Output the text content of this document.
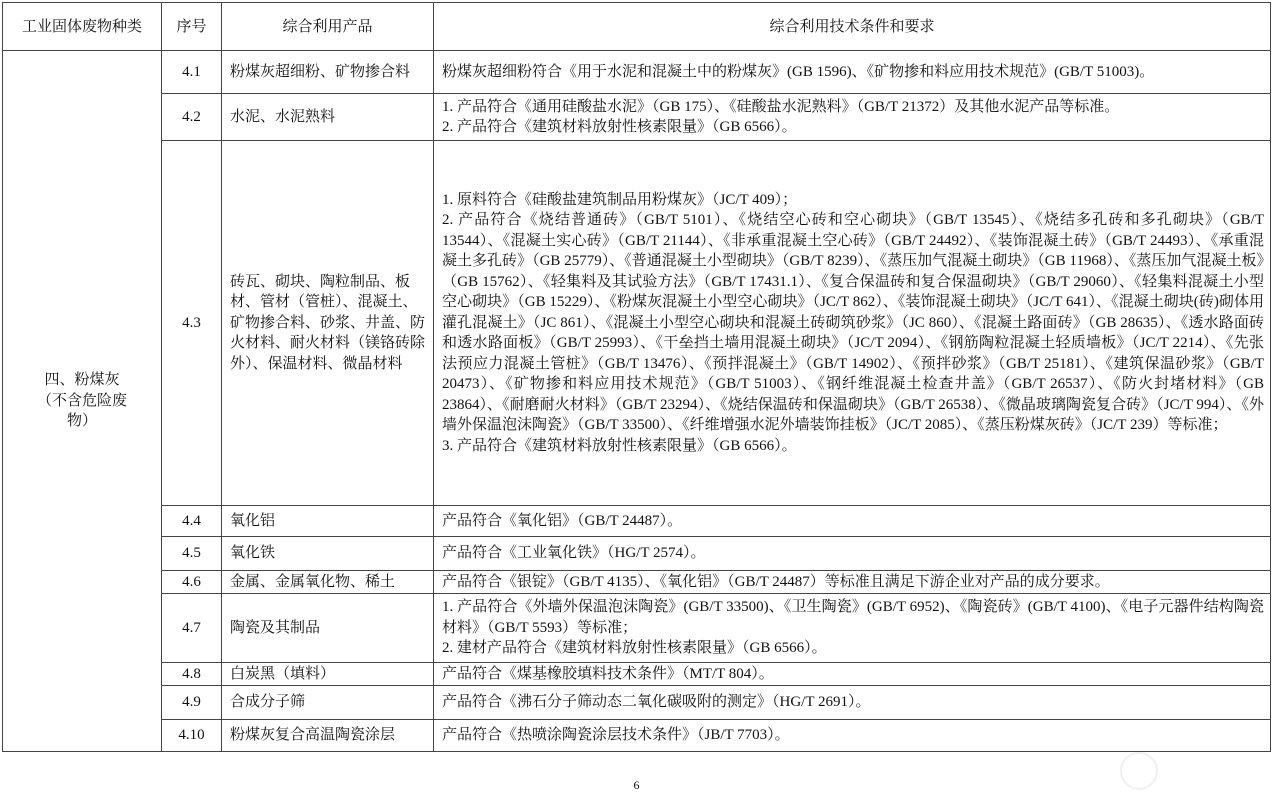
工业固体废物种类	序号	综合利用产品	综合利用技术条件和要求

四、粉煤灰
（不含危险废
物）	4.1	粉煤灰超细粉、矿物掺合料	粉煤灰超细粉符合《用于水泥和混凝土中的粉煤灰》(GB 1596)、《矿物掺和料应用技术规范》(GB/T 51003)。

	4.2	水泥、水泥熟料	1. 产品符合《通用硅酸盐水泥》（GB 175）、《硅酸盐水泥熟料》（GB/T 21372）及其他水泥产品等标准。
2. 产品符合《建筑材料放射性核素限量》（GB 6566）。

	4.3	砖瓦、砌块、陶粒制品、板材、管材（管桩）、混凝土、矿物掺合料、砂浆、井盖、防火材料、耐火材料（镁铬砖除外）、保温材料、微晶材料	1. 原料符合《硅酸盐建筑制品用粉煤灰》（JC/T 409）；
2. 产品符合《烧结普通砖》（GB/T 5101）、《烧结空心砖和空心砌块》（GB/T 13545）、《烧结多孔砖和多孔砌块》（GB/T 13544）、《混凝土实心砖》（GB/T 21144）、《非承重混凝土空心砖》（GB/T 24492）、《装饰混凝土砖》（GB/T 24493）、《承重混凝土多孔砖》（GB 25779）、《普通混凝土小型砌块》（GB/T 8239）、《蒸压加气混凝土砌块》（GB 11968）、《蒸压加气混凝土板》（GB 15762）、《轻集料及其试验方法》（GB/T 17431.1）、《复合保温砖和复合保温砌块》（GB/T 29060）、《轻集料混凝土小型空心砌块》（GB 15229）、《粉煤灰混凝土小型空心砌块》（JC/T 862）、《装饰混凝土砌块》（JC/T 641）、《混凝土砌块(砖)砌体用灌孔混凝土》（JC 861）、《混凝土小型空心砌块和混凝土砖砌筑砂浆》（JC 860）、《混凝土路面砖》（GB 28635）、《透水路面砖和透水路面板》（GB/T 25993）、《干垒挡土墙用混凝土砌块》（JC/T 2094）、《钢筋陶粒混凝土轻质墙板》（JC/T 2214）、《先张法预应力混凝土管桩》（GB/T 13476）、《预拌混凝土》（GB/T 14902）、《预拌砂浆》（GB/T 25181）、《建筑保温砂浆》（GB/T 20473）、《矿物掺和料应用技术规范》（GB/T 51003）、《钢纤维混凝土检查井盖》（GB/T 26537）、《防火封堵材料》（GB 23864）、《耐磨耐火材料》（GB/T 23294）、《烧结保温砖和保温砌块》（GB/T 26538）、《微晶玻璃陶瓷复合砖》（JC/T 994）、《外墙外保温泡沫陶瓷》（GB/T 33500）、《纤维增强水泥外墙装饰挂板》（JC/T 2085）、《蒸压粉煤灰砖》（JC/T 239）等标准；
3. 产品符合《建筑材料放射性核素限量》（GB 6566）。

	4.4	氧化铝	产品符合《氧化铝》（GB/T 24487）。

	4.5	氧化铁	产品符合《工业氧化铁》（HG/T 2574）。

	4.6	金属、金属氧化物、稀土	产品符合《银锭》（GB/T 4135）、《氧化铝》（GB/T 24487）等标准且满足下游企业对产品的成分要求。

	4.7	陶瓷及其制品	1. 产品符合《外墙外保温泡沫陶瓷》(GB/T 33500)、《卫生陶瓷》(GB/T 6952)、《陶瓷砖》(GB/T 4100)、《电子元器件结构陶瓷材料》（GB/T 5593）等标准；
2. 建材产品符合《建筑材料放射性核素限量》（GB 6566）。

	4.8	白炭黑（填料）	产品符合《煤基橡胶填料技术条件》（MT/T 804）。

	4.9	合成分子筛	产品符合《沸石分子筛动态二氧化碳吸附的测定》（HG/T 2691）。

	4.10	粉煤灰复合高温陶瓷涂层	产品符合《热喷涂陶瓷涂层技术条件》（JB/T 7703）。
6
